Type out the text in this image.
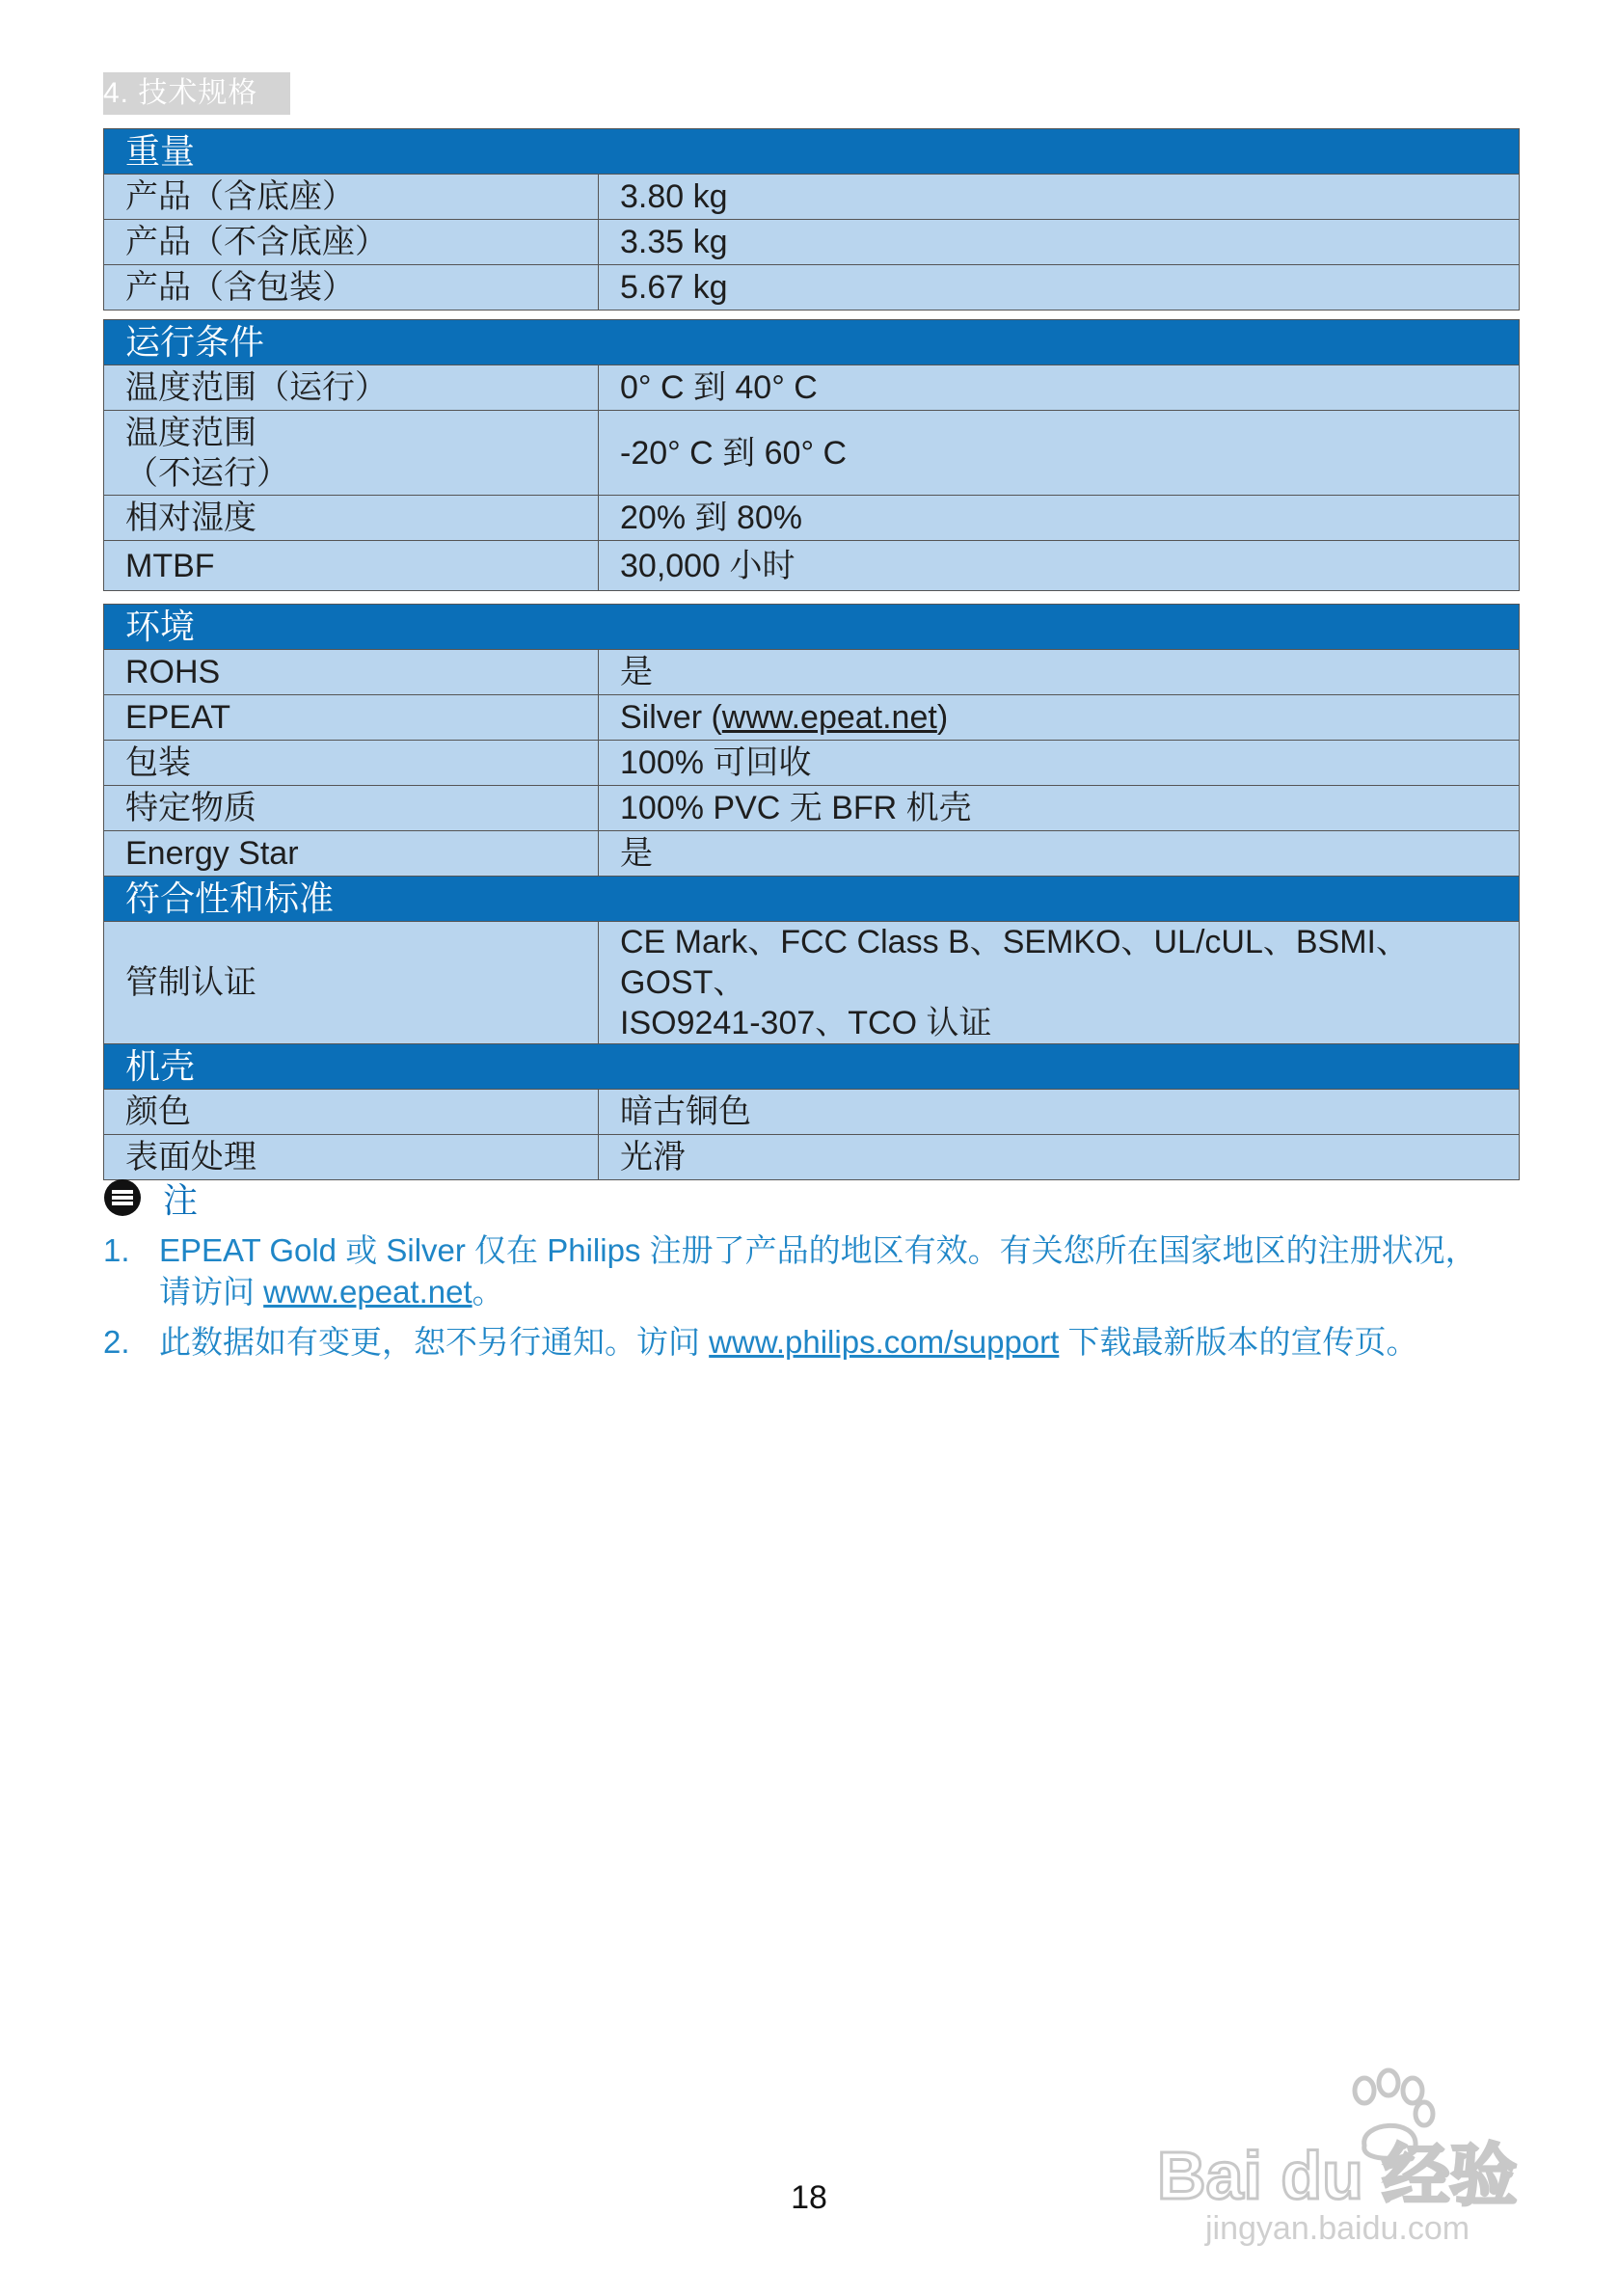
4. 技术规格
重量	
产品（含底座）	3.80 kg
产品（不含底座）	3.35 kg
产品（含包装）	5.67 kg
运行条件	
温度范围（运行）	0° C 到 40° C
温度范围
（不运行）	-20° C 到 60° C
相对湿度	20% 到 80%
MTBF	30,000 小时
环境	
ROHS	是
EPEAT	Silver (www.epeat.net)
包装	100% 可回收
特定物质	100% PVC 无 BFR 机壳
Energy Star	是
符合性和标准	
管制认证	CE Mark、FCC Class B、SEMKO、UL/cUL、BSMI、GOST、
ISO9241-307、TCO 认证
机壳	
颜色	暗古铜色
表面处理	光滑
注
1. EPEAT Gold 或 Silver 仅在 Philips 注册了产品的地区有效。有关您所在国家地区的注册状况，
请访问 www.epeat.net。
2. 此数据如有变更，恕不另行通知。访问 www.philips.com/support 下载最新版本的宣传页。
18	Bai du 经验
jingyan.baidu.com
